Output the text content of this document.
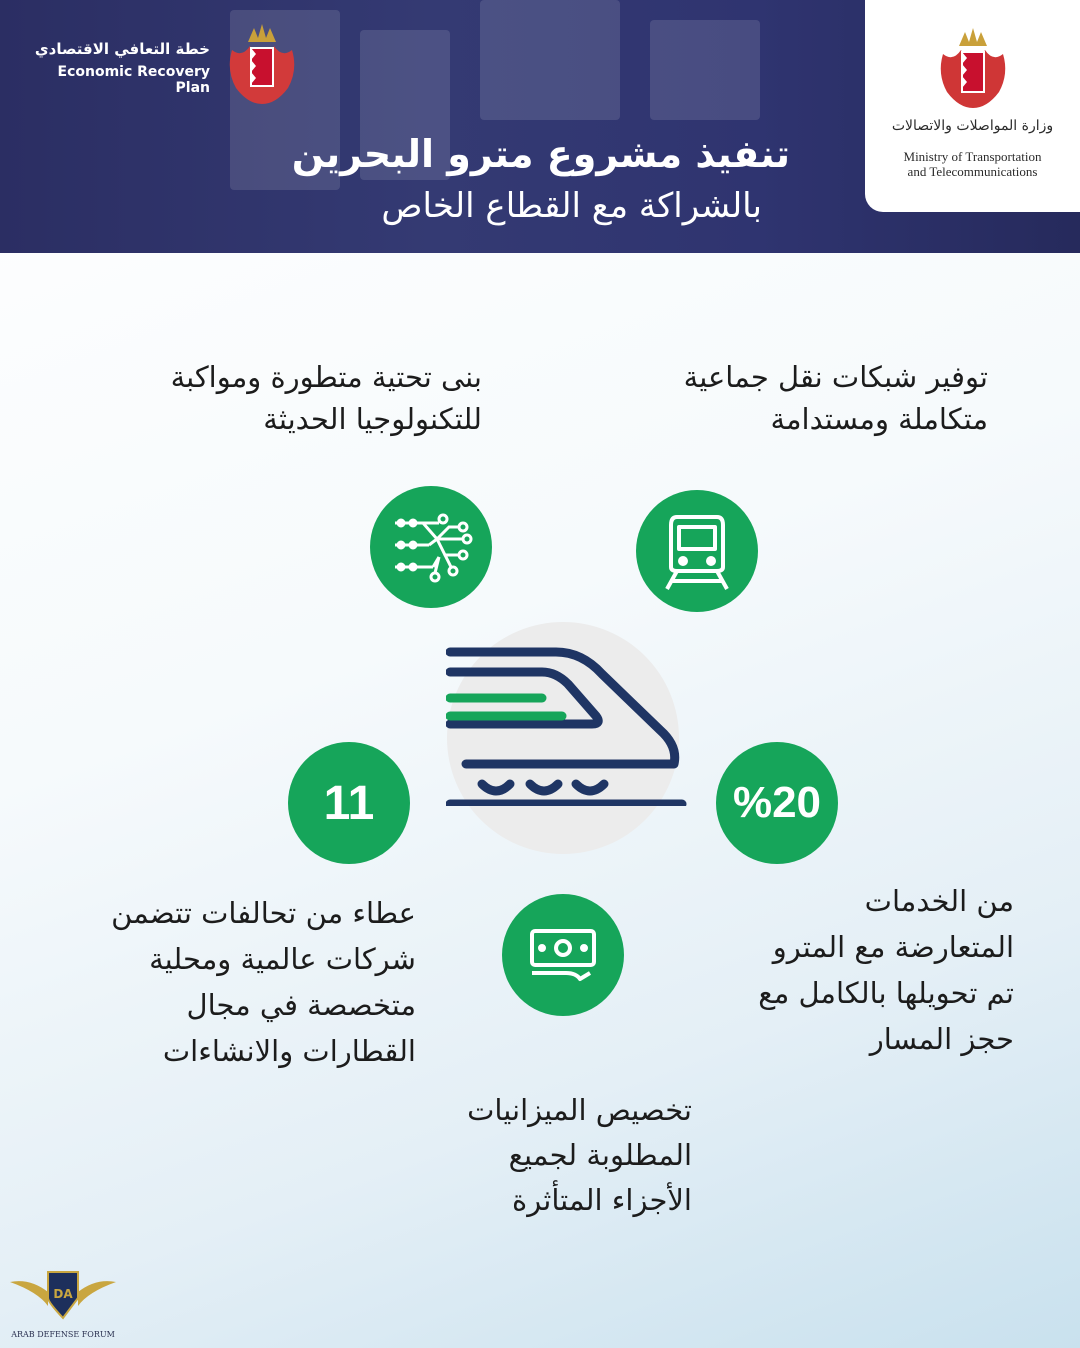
خطة التعافي الاقتصادي
Economic Recovery Plan
تنفيذ مشروع مترو البحرين
بالشراكة مع القطاع الخاص
وزارة المواصلات والاتصالات
Ministry of Transportation
and Telecommunications
توفير شبكات نقل جماعية
متكاملة ومستدامة
بنى تحتية متطورة ومواكبة
للتكنولوجيا الحديثة
11	%20
عطاء من تحالفات تتضمن
شركات عالمية ومحلية
متخصصة في مجال
القطارات والانشاءات
من الخدمات
المتعارضة مع المترو
تم تحويلها بالكامل مع
حجز المسار
تخصيص الميزانيات
المطلوبة لجميع
الأجزاء المتأثرة
DA
ARAB DEFENSE FORUM
